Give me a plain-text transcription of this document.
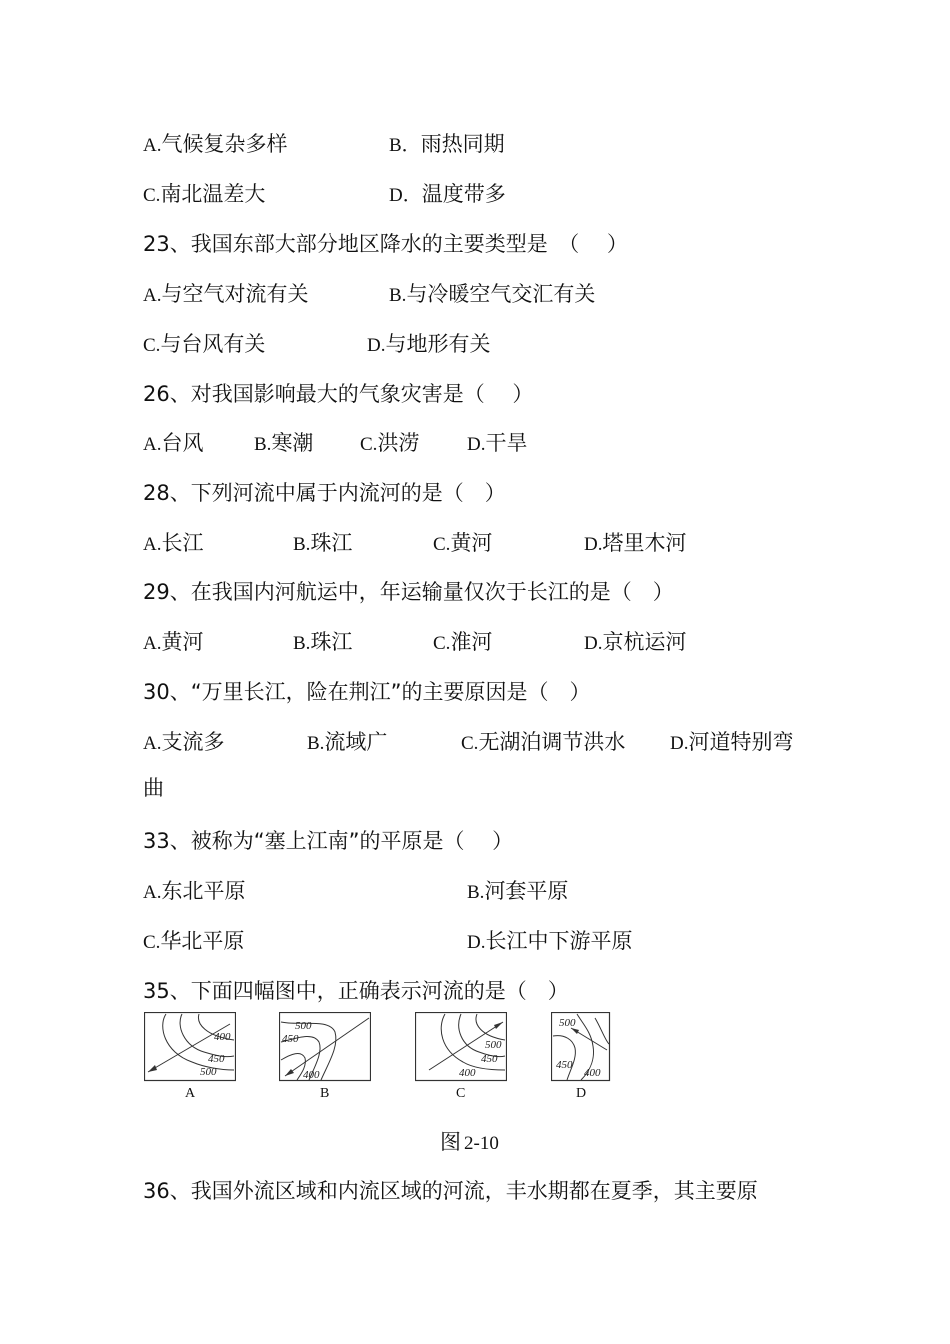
A.气候复杂多样	B．雨热同期
C.南北温差大	D．温度带多
23、我国东部大部分地区降水的主要类型是　（　 ）
A.与空气对流有关	B.与冷暖空气交汇有关
C.与台风有关	D.与地形有关
26、对我国影响最大的气象灾害是（　 ）
A.台风	B.寒潮 C.洪涝	D.干旱
28、下列河流中属于内流河的是（　）
A.长江	B.珠江	C.黄河	D.塔里木河
29、在我国内河航运中，年运输量仅次于长江的是（　）
A.黄河	B.珠江	C.淮河	D.京杭运河
30、“万里长江，险在荆江”的主要原因是（　）
A.支流多	B.流域广	C.无湖泊调节洪水 D.河道特别弯
曲
33、被称为“塞上江南”的平原是（　 ）
A.东北平原	B.河套平原
C.华北平原	D.长江中下游平原
35、下面四幅图中，正确表示河流的是（　）
400
450
500
A
500
450
400
B
500
450
400
C
500
450
400
D
图 2-10
36、我国外流区域和内流区域的河流，丰水期都在夏季，其主要原
